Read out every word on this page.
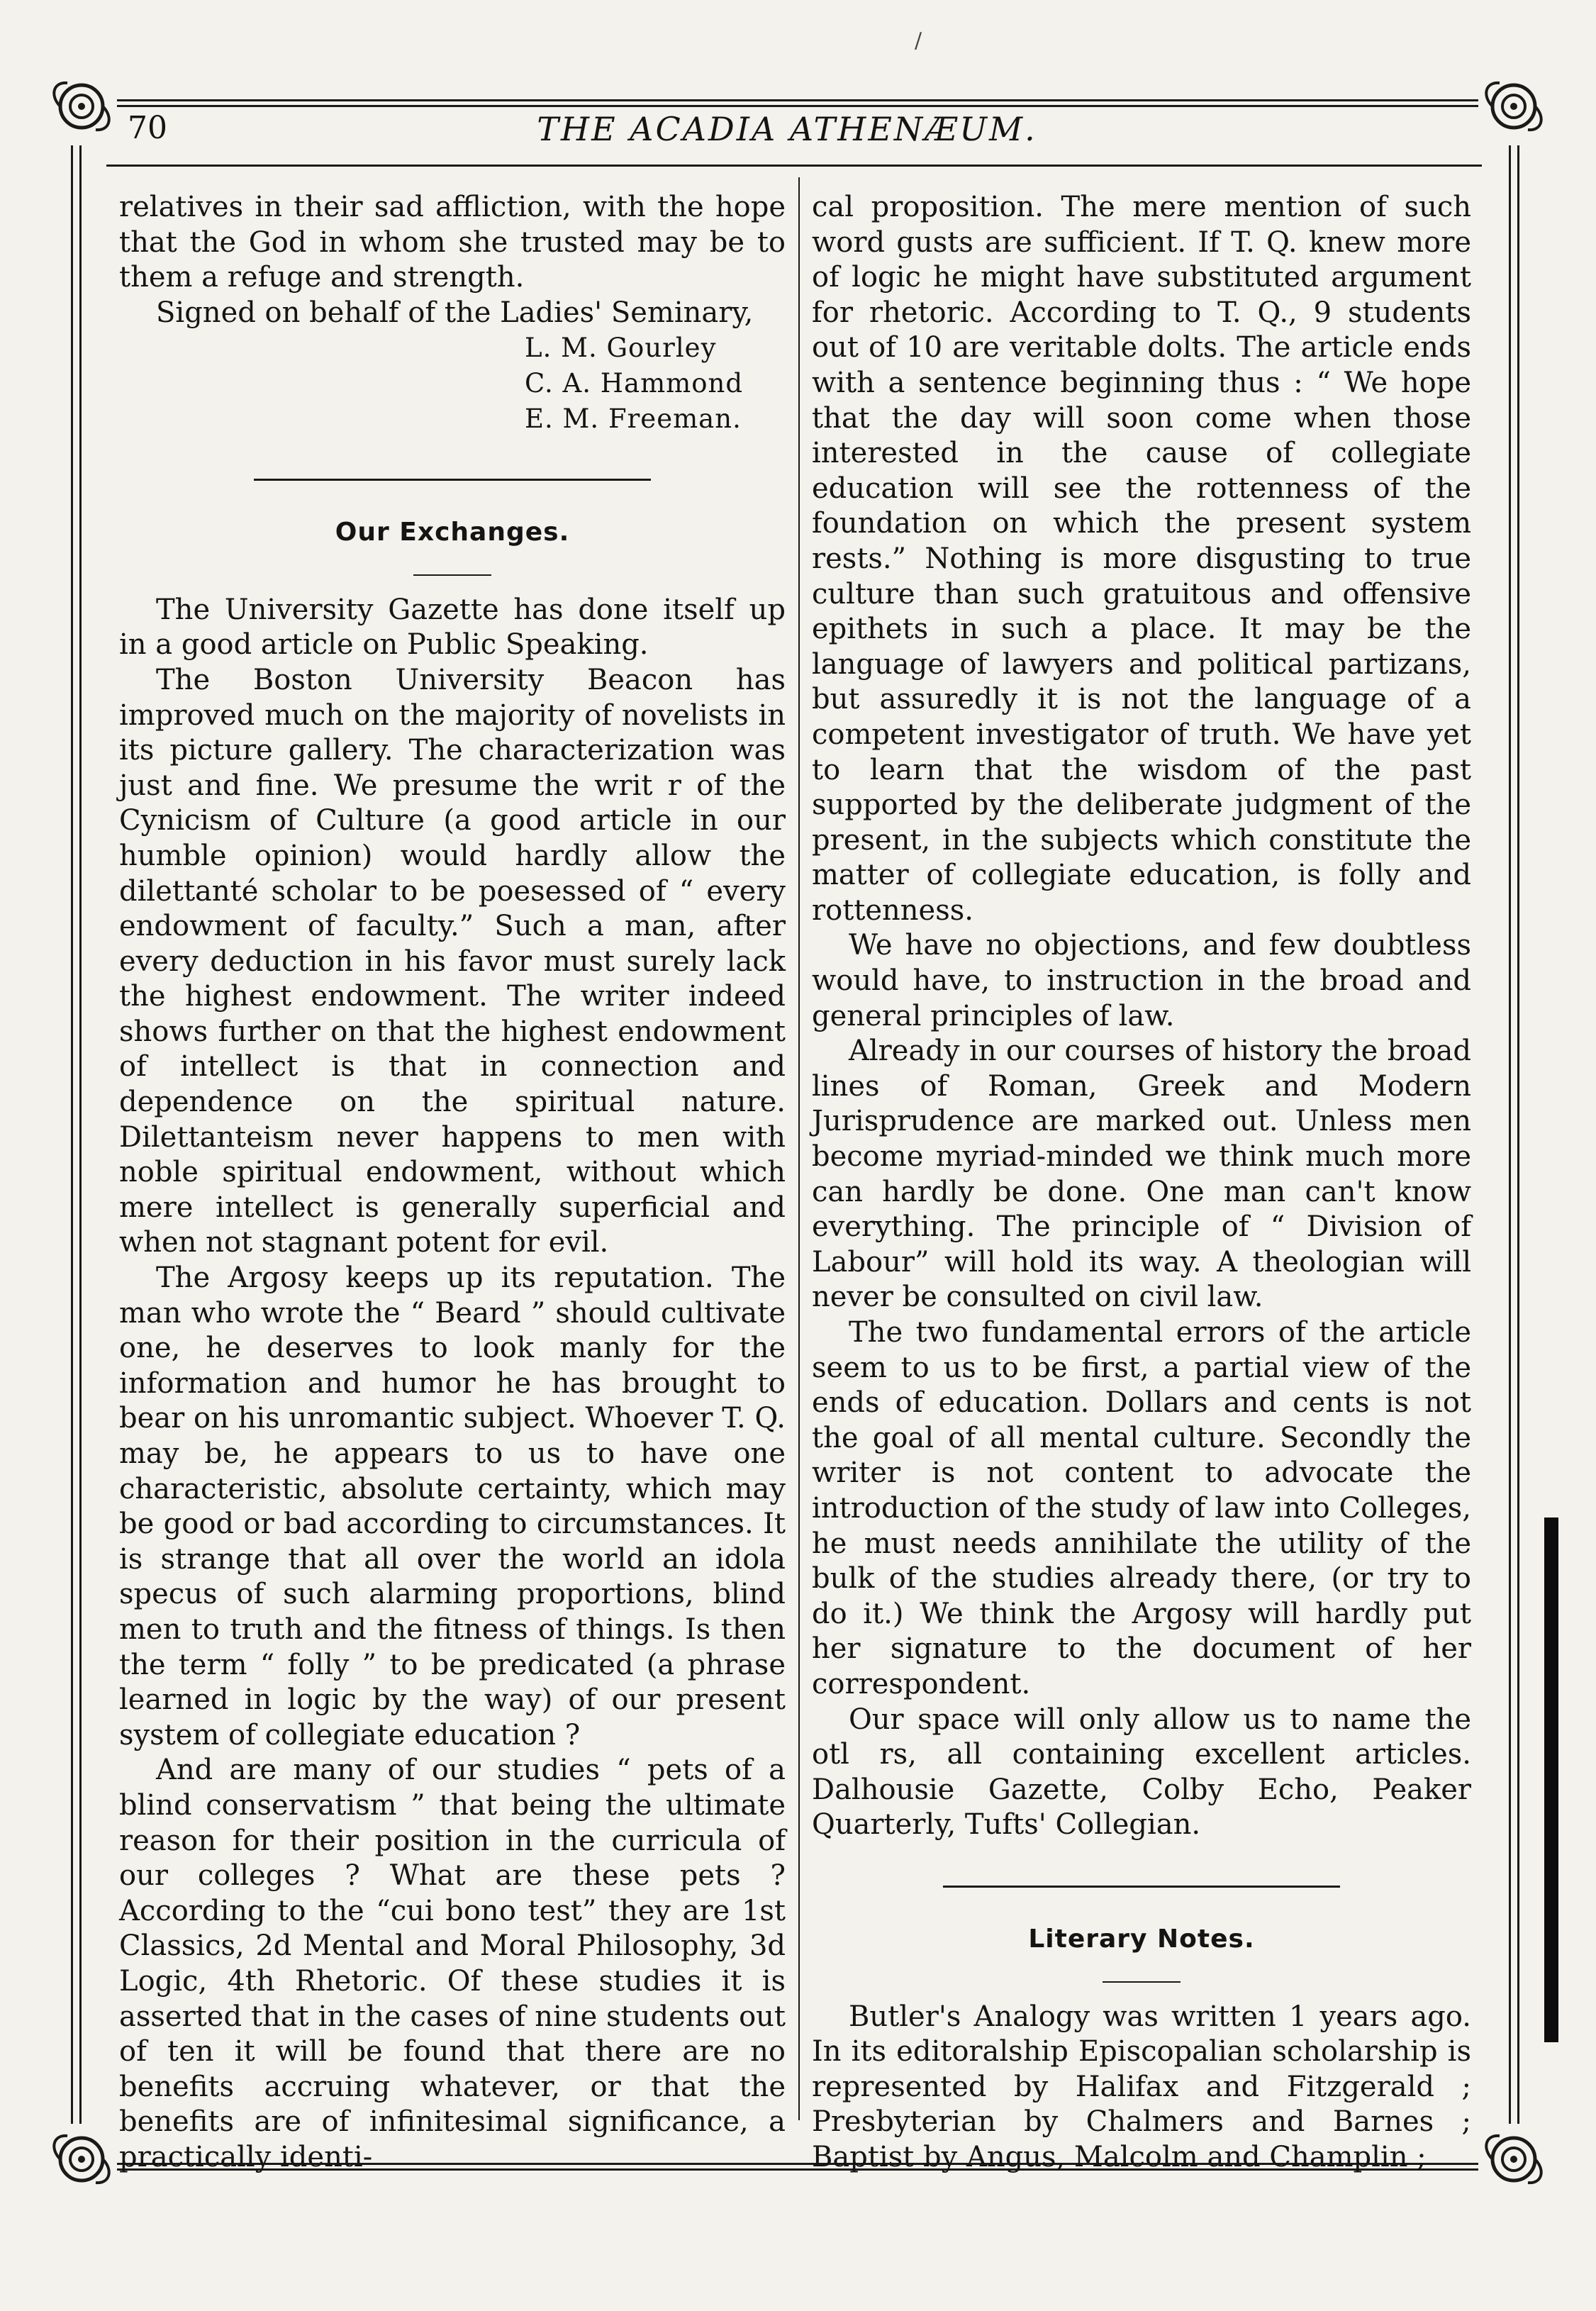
/
70	THE ACADIA ATHENÆUM.

relatives in their sad affliction, with the hope that the God in whom she trusted may be to them a refuge and strength.

Signed on behalf of the Ladies' Seminary,

L. M. Gourley

C. A. Hammond

E. M. Freeman.

Our Exchanges.

The University Gazette has done itself up in a good article on Public Speaking.

The Boston University Beacon has improved much on the majority of novelists in its picture gallery. The characterization was just and fine. We presume the writ r of the Cynicism of Culture (a good article in our humble opinion) would hardly allow the dilettanté scholar to be poesessed of “ every endowment of faculty.” Such a man, after every deduction in his favor must surely lack the highest endowment. The writer indeed shows further on that the highest endowment of intellect is that in connection and dependence on the spiritual nature. Dilettanteism never happens to men with noble spiritual endowment, without which mere intellect is generally superficial and when not stagnant potent for evil.

The Argosy keeps up its reputation. The man who wrote the “ Beard ” should cultivate one, he deserves to look manly for the information and humor he has brought to bear on his unromantic subject. Whoever T. Q. may be, he appears to us to have one characteristic, absolute certainty, which may be good or bad according to circumstances. It is strange that all over the world an idola specus of such alarming proportions, blind men to truth and the fitness of things. Is then the term “ folly ” to be predicated (a phrase learned in logic by the way) of our present system of collegiate education ?

And are many of our studies “ pets of a blind conservatism ” that being the ultimate reason for their position in the curricula of our colleges ? What are these pets ? According to the “cui bono test” they are 1st Classics, 2d Mental and Moral Philosophy, 3d Logic, 4th Rhetoric. Of these studies it is asserted that in the cases of nine students out of ten it will be found that there are no benefits accruing whatever, or that the benefits are of infinitesimal significance, a practically identi-

cal proposition. The mere mention of such word gusts are sufficient. If T. Q. knew more of logic he might have substituted argument for rhetoric. According to T. Q., 9 students out of 10 are veritable dolts. The article ends with a sentence beginning thus : “ We hope that the day will soon come when those interested in the cause of collegiate education will see the rottenness of the foundation on which the present system rests.” Nothing is more disgusting to true culture than such gratuitous and offensive epithets in such a place. It may be the language of lawyers and political partizans, but assuredly it is not the language of a competent investigator of truth. We have yet to learn that the wisdom of the past supported by the deliberate judgment of the present, in the subjects which constitute the matter of collegiate education, is folly and rottenness.

We have no objections, and few doubtless would have, to instruction in the broad and general principles of law.

Already in our courses of history the broad lines of Roman, Greek and Modern Jurisprudence are marked out. Unless men become myriad-minded we think much more can hardly be done. One man can't know everything. The principle of “ Division of Labour” will hold its way. A theologian will never be consulted on civil law.

The two fundamental errors of the article seem to us to be first, a partial view of the ends of education. Dollars and cents is not the goal of all mental culture. Secondly the writer is not content to advocate the introduction of the study of law into Colleges, he must needs annihilate the utility of the bulk of the studies already there, (or try to do it.) We think the Argosy will hardly put her signature to the document of her correspondent.

Our space will only allow us to name the otl rs, all containing excellent articles. Dalhousie Gazette, Colby Echo, Peaker Quarterly, Tufts' Collegian.

Literary Notes.

Butler's Analogy was written 1 years ago. In its editoralship Episcopalian scholarship is represented by Halifax and Fitzgerald ; Presbyterian by Chalmers and Barnes ; Baptist by Angus, Malcolm and Champlin ;
